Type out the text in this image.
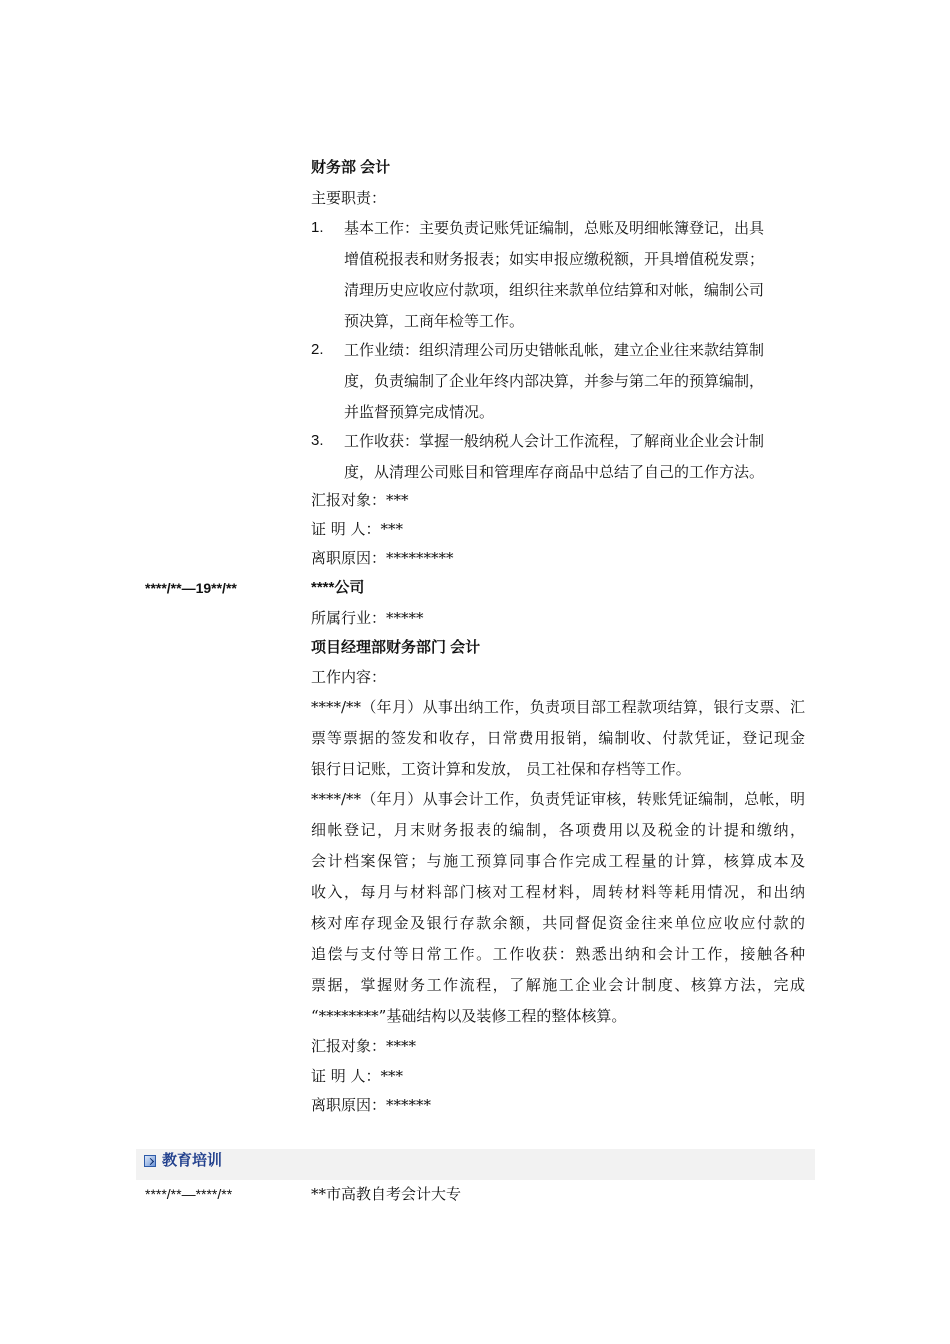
财务部 会计
主要职责：
1.	基本工作：主要负责记账凭证编制，总账及明细帐簿登记，出具
增值税报表和财务报表；如实申报应缴税额，开具增值税发票；
清理历史应收应付款项，组织往来款单位结算和对帐，编制公司
预决算，工商年检等工作。
2.	工作业绩：组织清理公司历史错帐乱帐，建立企业往来款结算制
度，负责编制了企业年终内部决算，并参与第二年的预算编制，
并监督预算完成情况。
3.	工作收获：掌握一般纳税人会计工作流程，了解商业企业会计制
度，从清理公司账目和管理库存商品中总结了自己的工作方法。
汇报对象：***
证 明 人：***
离职原因：*********
****/**—19**/**	****公司
所属行业：*****
项目经理部财务部门 会计
工作内容：
****/**（年月）从事出纳工作，负责项目部工程款项结算，银行支票、汇
票等票据的签发和收存，日常费用报销，编制收、付款凭证，登记现金
银行日记账，工资计算和发放， 员工社保和存档等工作。
****/**（年月）从事会计工作，负责凭证审核，转账凭证编制，总帐，明
细帐登记，月末财务报表的编制，各项费用以及税金的计提和缴纳，
会计档案保管；与施工预算同事合作完成工程量的计算，核算成本及
收入，每月与材料部门核对工程材料，周转材料等耗用情况，和出纳
核对库存现金及银行存款余额，共同督促资金往来单位应收应付款的
追偿与支付等日常工作。工作收获：熟悉出纳和会计工作，接触各种
票据，掌握财务工作流程，了解施工企业会计制度、核算方法，完成
“********”基础结构以及装修工程的整体核算。
汇报对象：****
证 明 人：***
离职原因：******
教育培训
****/**—****/**	**市高教自考会计大专
